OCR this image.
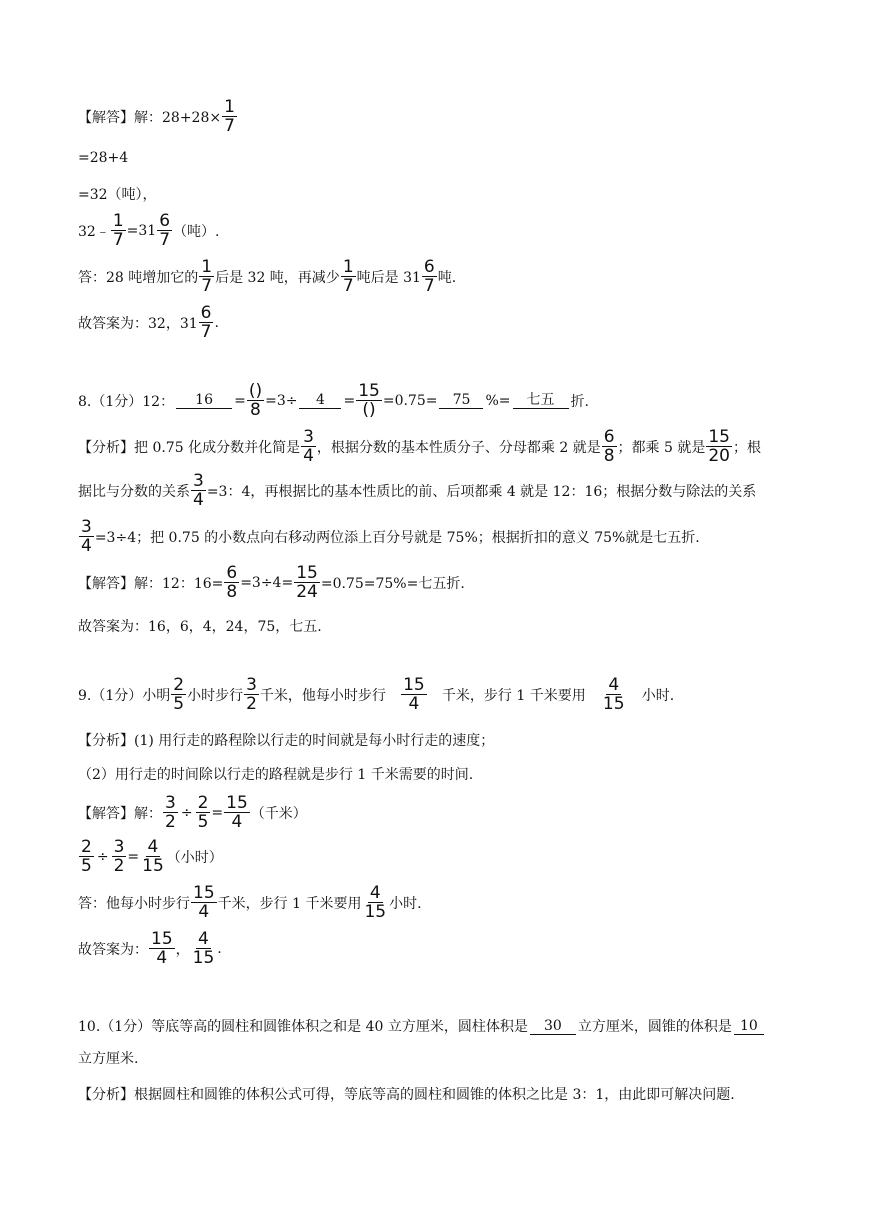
【解答】解：$28+28\times \frac{1}{7}$
=28+4
=32（吨），
32﹣ $\frac{1}{7} =31 \frac{6}{7}$ （吨）.
答：28 吨增加它的 $\frac{1}{7}$ 后是 32 吨，再减少 $\frac{1}{7}$ 吨后是 $31 \frac{6}{7}$ 吨.
故答案为：32，$31 \frac{6}{7}$ .
8.（1分）12：	16	= $\frac{()}{8} =3\div$	4	= $\frac{15}{()} =0.75=$	75	%=	七五	折.
【分析】把 0.75 化成分数并化简是 $\frac{3}{4}$ ，根据分数的基本性质分子、分母都乘 2 就是 $\frac{6}{8}$ ；都乘 5 就是 $\frac{15}{20}$ ；根
据比与分数的关系 $\frac{3}{4} =3$：4，再根据比的基本性质比的前、后项都乘 4 就是 12：16；根据分数与除法的关系
$\frac{3}{4} =3\div 4$；把 0.75 的小数点向右移动两位添上百分号就是 75%；根据折扣的意义 75%就是七五折.
【解答】解：12：$16= \frac{6}{8} =3\div 4= \frac{15}{24} =0.75=75\%=$七五折.
故答案为：16，6，4，24，75，七五.
9.（1分）小明 $\frac{2}{5}$ 小时步行 $\frac{3}{2}$ 千米，他每小时步行 $\frac{15}{4}$ 千米，步行 1 千米要用 $\frac{4}{15}$ 小时.
【分析】 (1) 用行走的路程除以行走的时间就是每小时行走的速度；
（2）用行走的时间除以行走的路程就是步行 1 千米需要的时间.
【解答】解： $\frac{3}{2} \div \frac{2}{5} = \frac{15}{4}$ （千米）
$\frac{2}{5} \div \frac{3}{2} = \frac{4}{15}$ （小时）
答：他每小时步行 $\frac{15}{4}$ 千米，步行 1 千米要用 $\frac{4}{15}$ 小时.
故答案为： $\frac{15}{4}$ ， $\frac{4}{15}$ .
10.（1分）等底等高的圆柱和圆锥体积之和是 40 立方厘米，圆柱体积是	30	立方厘米，圆锥的体积是 10
立方厘米.
【分析】根据圆柱和圆锥的体积公式可得，等底等高的圆柱和圆锥的体积之比是 3：1，由此即可解决问题.
